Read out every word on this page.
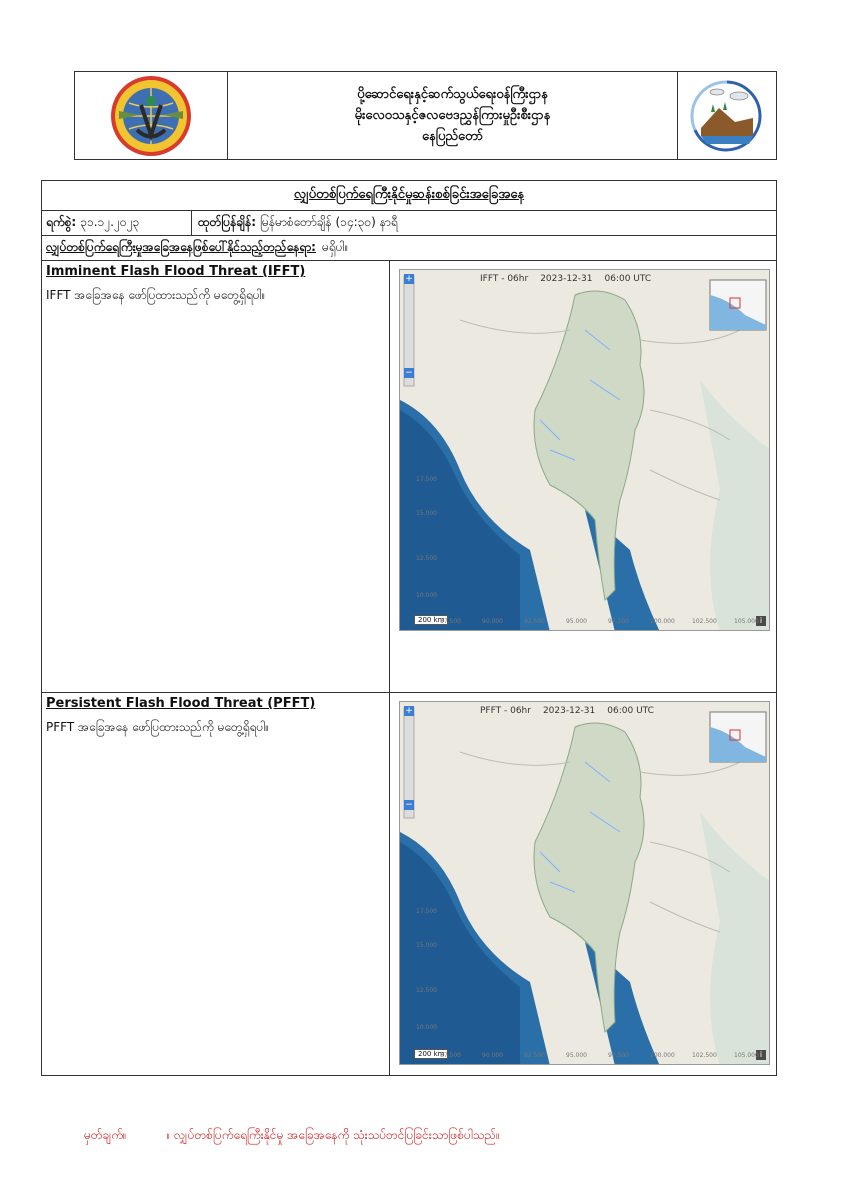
ပို့ဆောင်ရေးနှင့်ဆက်သွယ်ရေးဝန်ကြီးဌာန
မိုးလေဝသနှင့်ဇလဗေဒညွှန်ကြားမှုဦးစီးဌာန
နေပြည်တော်
လျှပ်တစ်ပြက်ရေကြီးနိုင်မှုဆန်းစစ်ခြင်းအခြေအနေ
ရက်စွဲ: ၃၁.၁၂.၂၀၂၃	ထုတ်ပြန်ချိန်: မြန်မာစံတော်ချိန် (၁၄:၃၀) နာရီ
လျှပ်တစ်ပြက်ရေကြီးမှုအခြေအနေဖြစ်ပေါ်နိုင်သည့်တည်နေရာ: မရှိပါ။
Imminent Flash Flood Threat (IFFT)
IFFT အခြေအနေ ဖော်ပြထားသည်ကို မတွေ့ရှိရပါ။
IFFT - 06hr 2023-12-31 06:00 UTC
+
−
200 km	i
17.500
15.000
12.500
10.000
87.500	90.000	92.500	95.000	97.500	100.000	102.500	105.000
Persistent Flash Flood Threat (PFFT)
PFFT အခြေအနေ ဖော်ပြထားသည်ကို မတွေ့ရှိရပါ။
PFFT - 06hr 2023-12-31 06:00 UTC
+
−
200 km	i
17.500
15.000
12.500
10.000
87.500	90.000	92.500	95.000	97.500	100.000	102.500	105.000
မှတ်ချက်။	။ လျှပ်တစ်ပြက်ရေကြီးနိုင်မှု အခြေအနေကို သုံးသပ်တင်ပြခြင်းသာဖြစ်ပါသည်။
